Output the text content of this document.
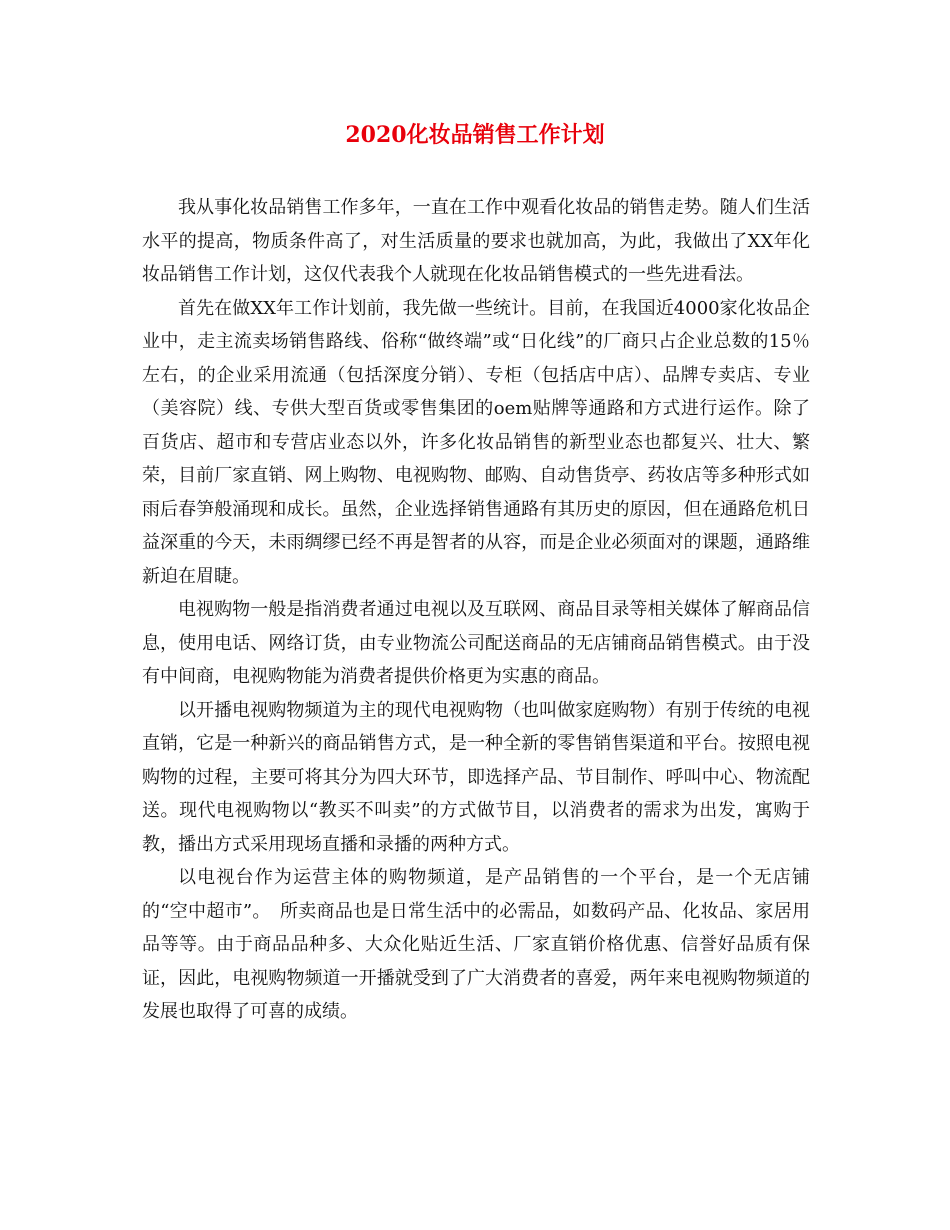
2020化妆品销售工作计划

我从事化妆品销售工作多年，一直在工作中观看化妆品的销售走势。随人们生活水平的提高，物质条件高了，对生活质量的要求也就加高，为此，我做出了XX年化妆品销售工作计划，这仅代表我个人就现在化妆品销售模式的一些先进看法。

首先在做XX年工作计划前，我先做一些统计。目前，在我国近4000家化妆品企业中，走主流卖场销售路线、俗称“做终端”或“日化线”的厂商只占企业总数的15％左右，的企业采用流通（包括深度分销）、专柜（包括店中店）、品牌专卖店、专业（美容院）线、专供大型百货或零售集团的oem贴牌等通路和方式进行运作。除了百货店、超市和专营店业态以外，许多化妆品销售的新型业态也都复兴、壮大、繁荣，目前厂家直销、网上购物、电视购物、邮购、自动售货亭、药妆店等多种形式如雨后春笋般涌现和成长。虽然，企业选择销售通路有其历史的原因，但在通路危机日益深重的今天，未雨绸缪已经不再是智者的从容，而是企业必须面对的课题，通路维新迫在眉睫。

电视购物一般是指消费者通过电视以及互联网、商品目录等相关媒体了解商品信息，使用电话、网络订货，由专业物流公司配送商品的无店铺商品销售模式。由于没有中间商，电视购物能为消费者提供价格更为实惠的商品。

以开播电视购物频道为主的现代电视购物（也叫做家庭购物）有别于传统的电视直销，它是一种新兴的商品销售方式，是一种全新的零售销售渠道和平台。按照电视购物的过程，主要可将其分为四大环节，即选择产品、节目制作、呼叫中心、物流配送。现代电视购物以“教买不叫卖”的方式做节目，以消费者的需求为出发，寓购于教，播出方式采用现场直播和录播的两种方式。

以电视台作为运营主体的购物频道，是产品销售的一个平台，是一个无店铺的“空中超市”。　所卖商品也是日常生活中的必需品，如数码产品、化妆品、家居用品等等。由于商品品种多、大众化贴近生活、厂家直销价格优惠、信誉好品质有保证，因此，电视购物频道一开播就受到了广大消费者的喜爱，两年来电视购物频道的发展也取得了可喜的成绩。
